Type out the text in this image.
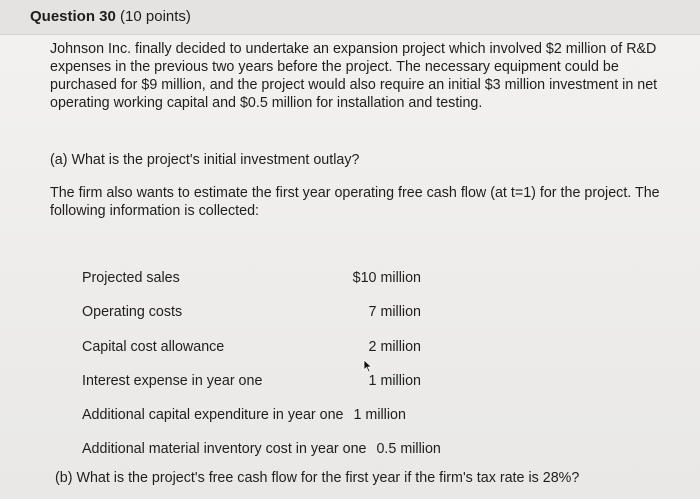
Question 30 (10 points)
Johnson Inc. finally decided to undertake an expansion project which involved $2 million of R&D expenses in the previous two years before the project. The necessary equipment could be purchased for $9 million, and the project would also require an initial $3 million investment in net operating working capital and $0.5 million for installation and testing.
(a) What is the project's initial investment outlay?
The firm also wants to estimate the first year operating free cash flow (at t=1) for the project. The following information is collected:
Projected sales	$10 million
Operating costs	7 million
Capital cost allowance	2 million
Interest expense in year one	1 million
Additional capital expenditure in year one 1 million
Additional material inventory cost in year one 0.5 million
(b) What is the project's free cash flow for the first year if the firm's tax rate is 28%?
